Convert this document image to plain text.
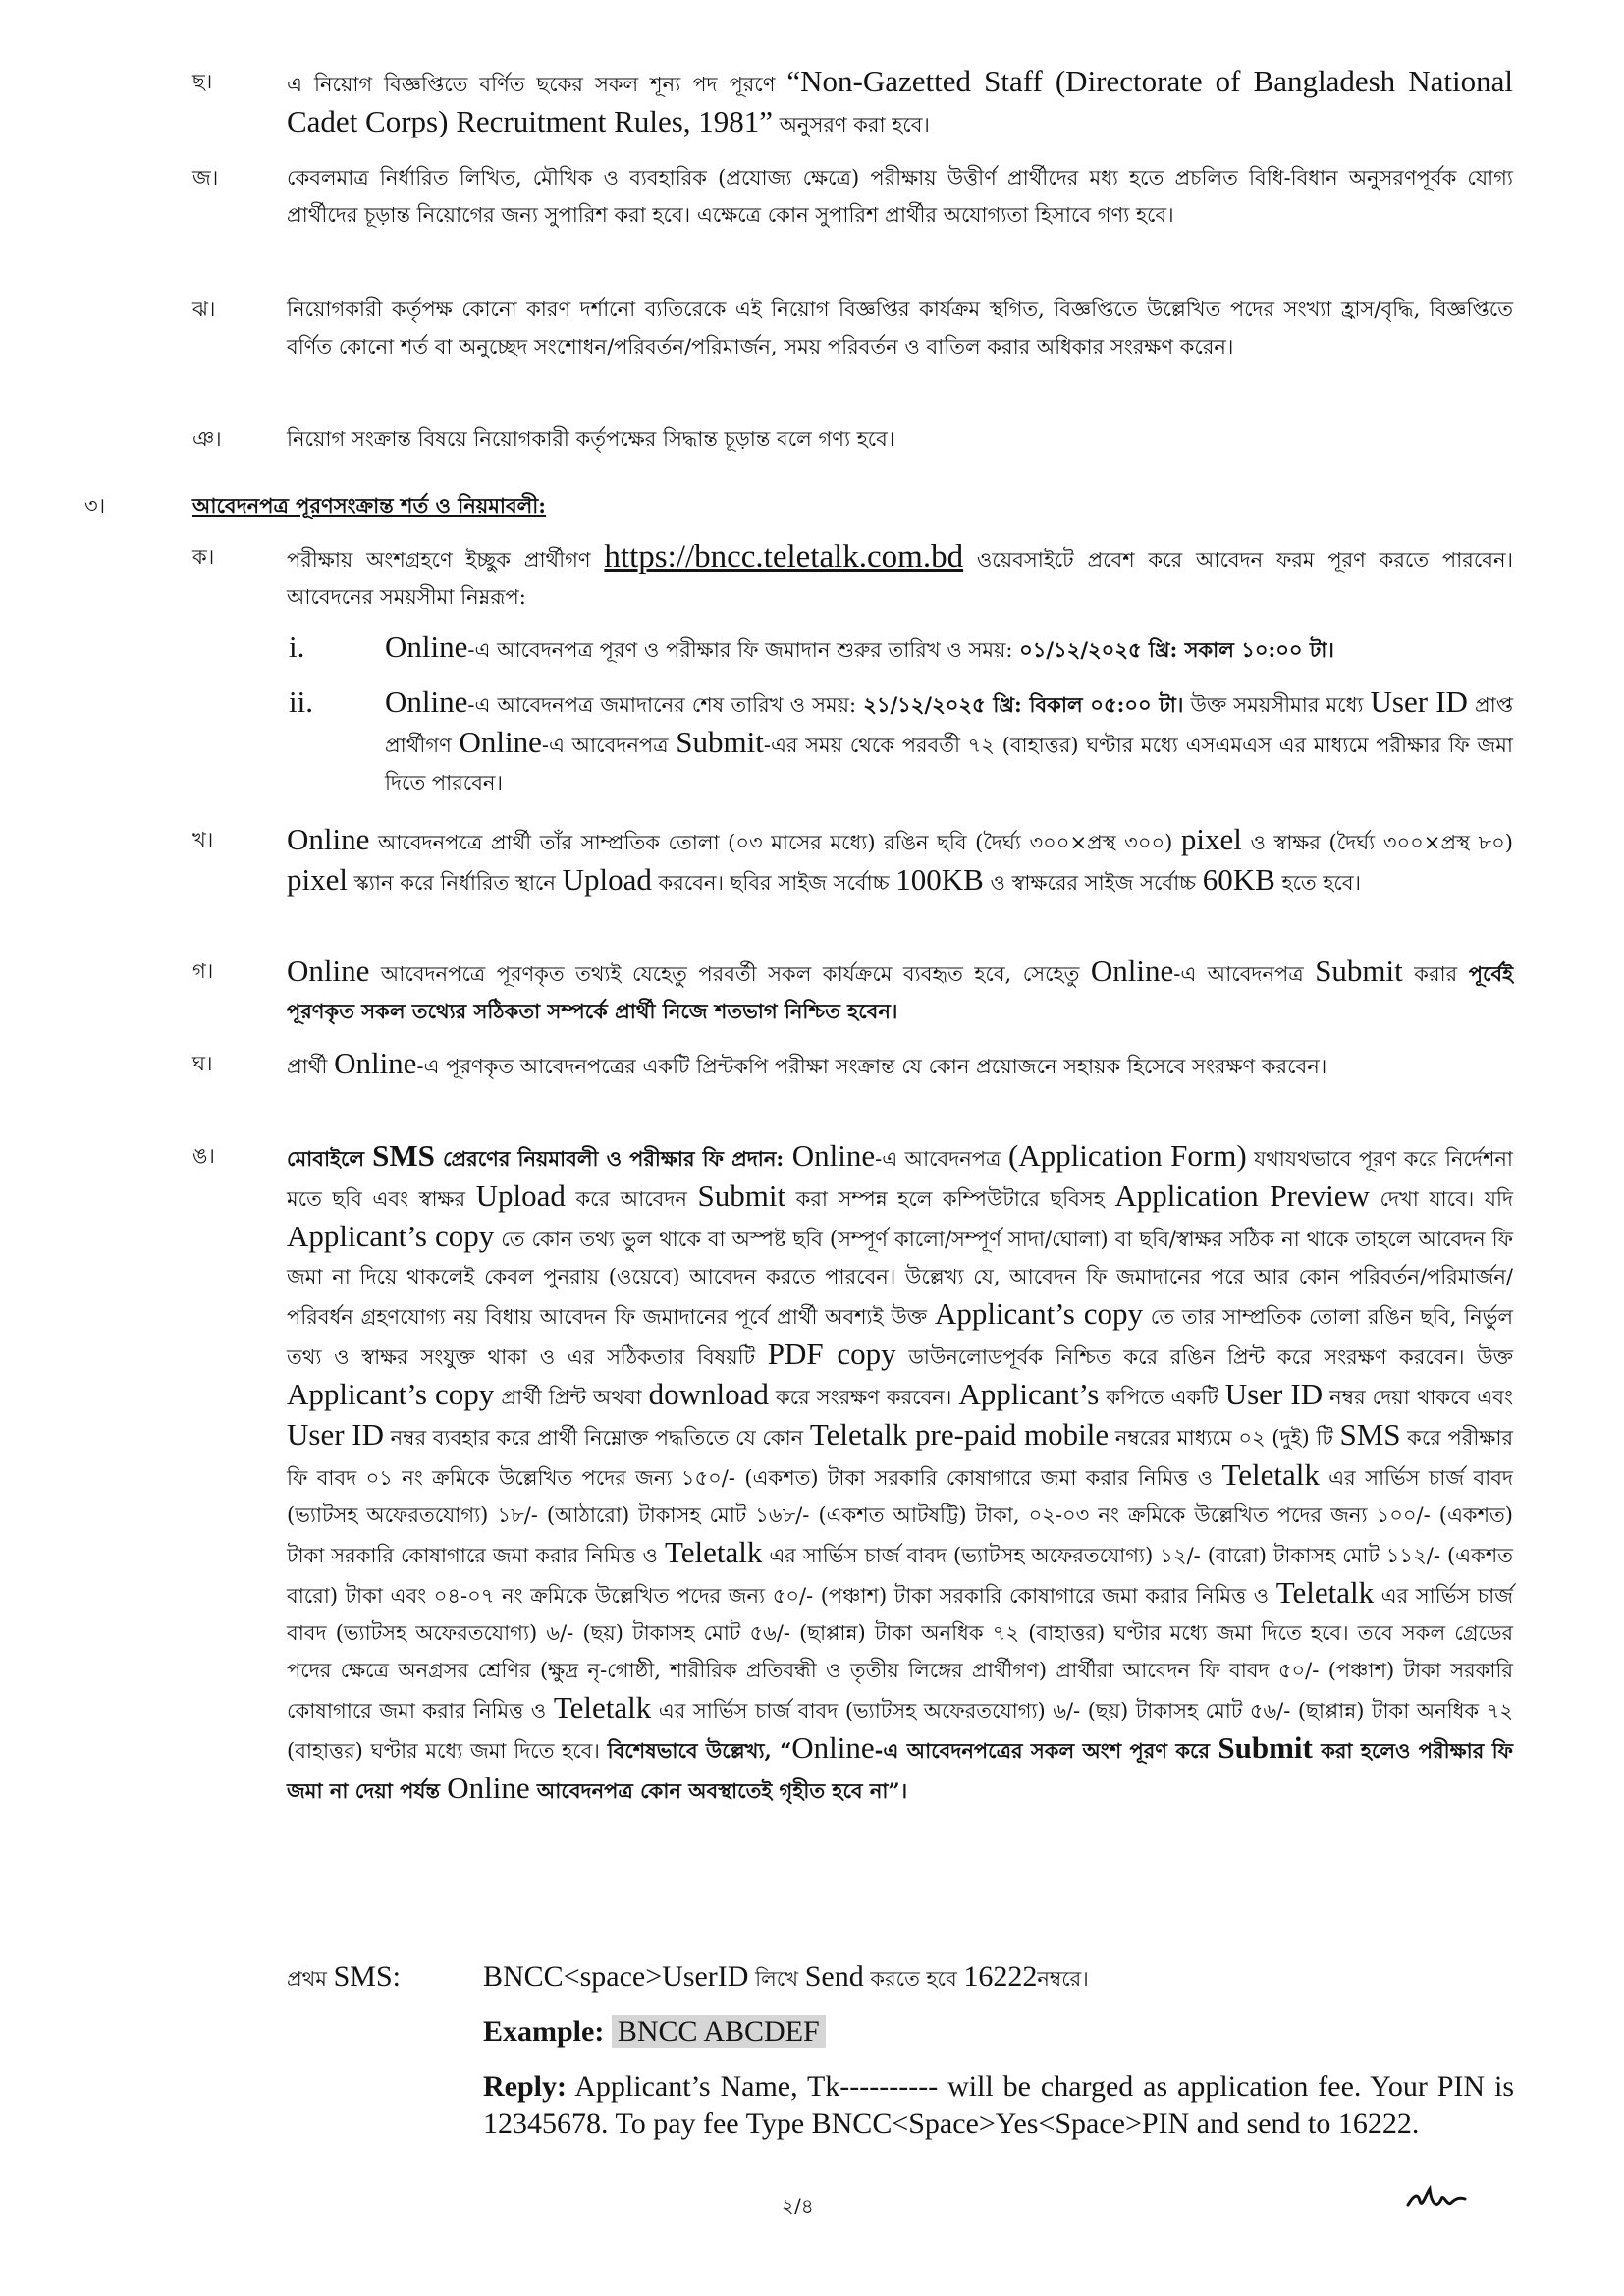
ছ।	এ নিয়োগ বিজ্ঞপ্তিতে বর্ণিত ছকের সকল শূন্য পদ পূরণে “Non-Gazetted Staff (Directorate of Bangladesh National Cadet Corps) Recruitment Rules, 1981” অনুসরণ করা হবে।
জ।	কেবলমাত্র নির্ধারিত লিখিত, মৌখিক ও ব্যবহারিক (প্রযোজ্য ক্ষেত্রে) পরীক্ষায় উত্তীর্ণ প্রার্থীদের মধ্য হতে প্রচলিত বিধি-বিধান অনুসরণপূর্বক যোগ্য প্রার্থীদের চূড়ান্ত নিয়োগের জন্য সুপারিশ করা হবে। এক্ষেত্রে কোন সুপারিশ প্রার্থীর অযোগ্যতা হিসাবে গণ্য হবে।
ঝ।	নিয়োগকারী কর্তৃপক্ষ কোনো কারণ দর্শানো ব্যতিরেকে এই নিয়োগ বিজ্ঞপ্তির কার্যক্রম স্থগিত, বিজ্ঞপ্তিতে উল্লেখিত পদের সংখ্যা হ্রাস/বৃদ্ধি, বিজ্ঞপ্তিতে বর্ণিত কোনো শর্ত বা অনুচ্ছেদ সংশোধন/পরিবর্তন/পরিমার্জন, সময় পরিবর্তন ও বাতিল করার অধিকার সংরক্ষণ করেন।
ঞ।	নিয়োগ সংক্রান্ত বিষয়ে নিয়োগকারী কর্তৃপক্ষের সিদ্ধান্ত চূড়ান্ত বলে গণ্য হবে।
৩।	আবেদনপত্র পূরণসংক্রান্ত শর্ত ও নিয়মাবলী:
ক।	পরীক্ষায় অংশগ্রহণে ইচ্ছুক প্রার্থীগণ https://bncc.teletalk.com.bd ওয়েবসাইটে প্রবেশ করে আবেদন ফরম পূরণ করতে পারবেন। আবেদনের সময়সীমা নিম্নরূপ:
i.	Online-এ আবেদনপত্র পূরণ ও পরীক্ষার ফি জমাদান শুরুর তারিখ ও সময়: ০১/১২/২০২৫ খ্রি: সকাল ১০:০০ টা।
ii.	Online-এ আবেদনপত্র জমাদানের শেষ তারিখ ও সময়: ২১/১২/২০২৫ খ্রি: বিকাল ০৫:০০ টা। উক্ত সময়সীমার মধ্যে User ID প্রাপ্ত প্রার্থীগণ Online-এ আবেদনপত্র Submit-এর সময় থেকে পরবর্তী ৭২ (বাহাত্তর) ঘণ্টার মধ্যে এসএমএস এর মাধ্যমে পরীক্ষার ফি জমা দিতে পারবেন।
খ।	Online আবেদনপত্রে প্রার্থী তাঁর সাম্প্রতিক তোলা (০৩ মাসের মধ্যে) রঙিন ছবি (দৈর্ঘ্য ৩০০×প্রস্থ ৩০০) pixel ও স্বাক্ষর (দৈর্ঘ্য ৩০০×প্রস্থ ৮০) pixel স্ক্যান করে নির্ধারিত স্থানে Upload করবেন। ছবির সাইজ সর্বোচ্চ 100KB ও স্বাক্ষরের সাইজ সর্বোচ্চ 60KB হতে হবে।
গ।	Online আবেদনপত্রে পূরণকৃত তথ্যই যেহেতু পরবর্তী সকল কার্যক্রমে ব্যবহৃত হবে, সেহেতু Online-এ আবেদনপত্র Submit করার পূর্বেই পূরণকৃত সকল তথ্যের সঠিকতা সম্পর্কে প্রার্থী নিজে শতভাগ নিশ্চিত হবেন।
ঘ।	প্রার্থী Online-এ পূরণকৃত আবেদনপত্রের একটি প্রিন্টকপি পরীক্ষা সংক্রান্ত যে কোন প্রয়োজনে সহায়ক হিসেবে সংরক্ষণ করবেন।
ঙ।	মোবাইলে SMS প্রেরণের নিয়মাবলী ও পরীক্ষার ফি প্রদান: Online-এ আবেদনপত্র (Application Form) যথাযথভাবে পূরণ করে নির্দেশনা মতে ছবি এবং স্বাক্ষর Upload করে আবেদন Submit করা সম্পন্ন হলে কম্পিউটারে ছবিসহ Application Preview দেখা যাবে। যদি Applicant’s copy তে কোন তথ্য ভুল থাকে বা অস্পষ্ট ছবি (সম্পূর্ণ কালো/সম্পূর্ণ সাদা/ঘোলা) বা ছবি/স্বাক্ষর সঠিক না থাকে তাহলে আবেদন ফি জমা না দিয়ে থাকলেই কেবল পুনরায় (ওয়েবে) আবেদন করতে পারবেন। উল্লেখ্য যে, আবেদন ফি জমাদানের পরে আর কোন পরিবর্তন/পরিমার্জন/পরিবর্ধন গ্রহণযোগ্য নয় বিধায় আবেদন ফি জমাদানের পূর্বে প্রার্থী অবশ্যই উক্ত Applicant’s copy তে তার সাম্প্রতিক তোলা রঙিন ছবি, নির্ভুল তথ্য ও স্বাক্ষর সংযুক্ত থাকা ও এর সঠিকতার বিষয়টি PDF copy ডাউনলোডপূর্বক নিশ্চিত করে রঙিন প্রিন্ট করে সংরক্ষণ করবেন। উক্ত Applicant’s copy প্রার্থী প্রিন্ট অথবা download করে সংরক্ষণ করবেন। Applicant’s কপিতে একটি User ID নম্বর দেয়া থাকবে এবং User ID নম্বর ব্যবহার করে প্রার্থী নিম্নোক্ত পদ্ধতিতে যে কোন Teletalk pre-paid mobile নম্বরের মাধ্যমে ০২ (দুই) টি SMS করে পরীক্ষার ফি বাবদ ০১ নং ক্রমিকে উল্লেখিত পদের জন্য ১৫০/- (একশত) টাকা সরকারি কোষাগারে জমা করার নিমিত্ত ও Teletalk এর সার্ভিস চার্জ বাবদ (ভ্যাটসহ অফেরতযোগ্য) ১৮/- (আঠারো) টাকাসহ মোট ১৬৮/- (একশত আটষট্টি) টাকা, ০২-০৩ নং ক্রমিকে উল্লেখিত পদের জন্য ১০০/- (একশত) টাকা সরকারি কোষাগারে জমা করার নিমিত্ত ও Teletalk এর সার্ভিস চার্জ বাবদ (ভ্যাটসহ অফেরতযোগ্য) ১২/- (বারো) টাকাসহ মোট ১১২/- (একশত বারো) টাকা এবং ০৪-০৭ নং ক্রমিকে উল্লেখিত পদের জন্য ৫০/- (পঞ্চাশ) টাকা সরকারি কোষাগারে জমা করার নিমিত্ত ও Teletalk এর সার্ভিস চার্জ বাবদ (ভ্যাটসহ অফেরতযোগ্য) ৬/- (ছয়) টাকাসহ মোট ৫৬/- (ছাপ্পান্ন) টাকা অনধিক ৭২ (বাহাত্তর) ঘণ্টার মধ্যে জমা দিতে হবে। তবে সকল গ্রেডের পদের ক্ষেত্রে অনগ্রসর শ্রেণির (ক্ষুদ্র নৃ-গোষ্ঠী, শারীরিক প্রতিবন্ধী ও তৃতীয় লিঙ্গের প্রার্থীগণ) প্রার্থীরা আবেদন ফি বাবদ ৫০/- (পঞ্চাশ) টাকা সরকারি কোষাগারে জমা করার নিমিত্ত ও Teletalk এর সার্ভিস চার্জ বাবদ (ভ্যাটসহ অফেরতযোগ্য) ৬/- (ছয়) টাকাসহ মোট ৫৬/- (ছাপ্পান্ন) টাকা অনধিক ৭২ (বাহাত্তর) ঘণ্টার মধ্যে জমা দিতে হবে। বিশেষভাবে উল্লেখ্য, “Online-এ আবেদনপত্রের সকল অংশ পূরণ করে Submit করা হলেও পরীক্ষার ফি জমা না দেয়া পর্যন্ত Online আবেদনপত্র কোন অবস্থাতেই গৃহীত হবে না”।
প্রথম SMS:	BNCC<space>UserID লিখে Send করতে হবে 16222নম্বরে।
Example: BNCC ABCDEF
Reply: Applicant’s Name, Tk---------- will be charged as application fee. Your PIN is 12345678. To pay fee Type BNCC<Space>Yes<Space>PIN and send to 16222.
২/৪
